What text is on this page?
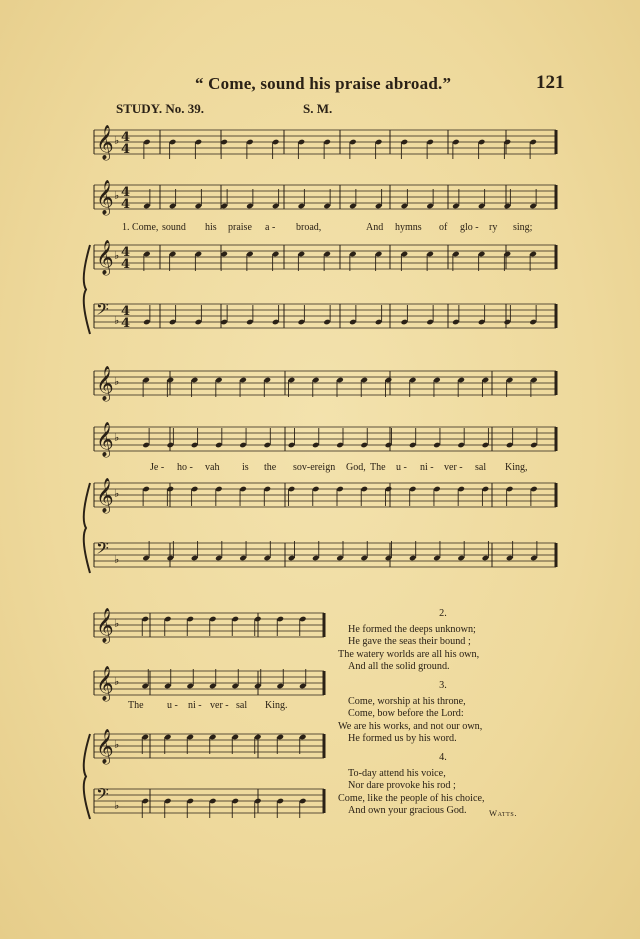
“ Come, sound his praise abroad.”	121
STUDY. No. 39.	S. M.
𝄞 ♭ 4
4
𝄞 ♭ 4
4
𝄞 ♭ 4
4
𝄢 ♭
4
4
𝄞 ♭
𝄞 ♭
𝄞 ♭
𝄢 ♭
𝄞 ♭
𝄞 ♭
𝄞 ♭
𝄢 ♭
1. Come, sound his praise a - broad,	And hymns of glo - ry sing;
Je - ho - vah is the sov-ereign God, The u - ni - ver - sal King,
The u - ni - ver - sal King.
2.
He formed the deeps unknown;
He gave the seas their bound ;
The watery worlds are all his own,
And all the solid ground.
3.
Come, worship at his throne,
Come, bow before the Lord:
We are his works, and not our own,
He formed us by his word.
4.
To-day attend his voice,
Nor dare provoke his rod ;
Come, like the people of his choice,
And own your gracious God.	Watts.
